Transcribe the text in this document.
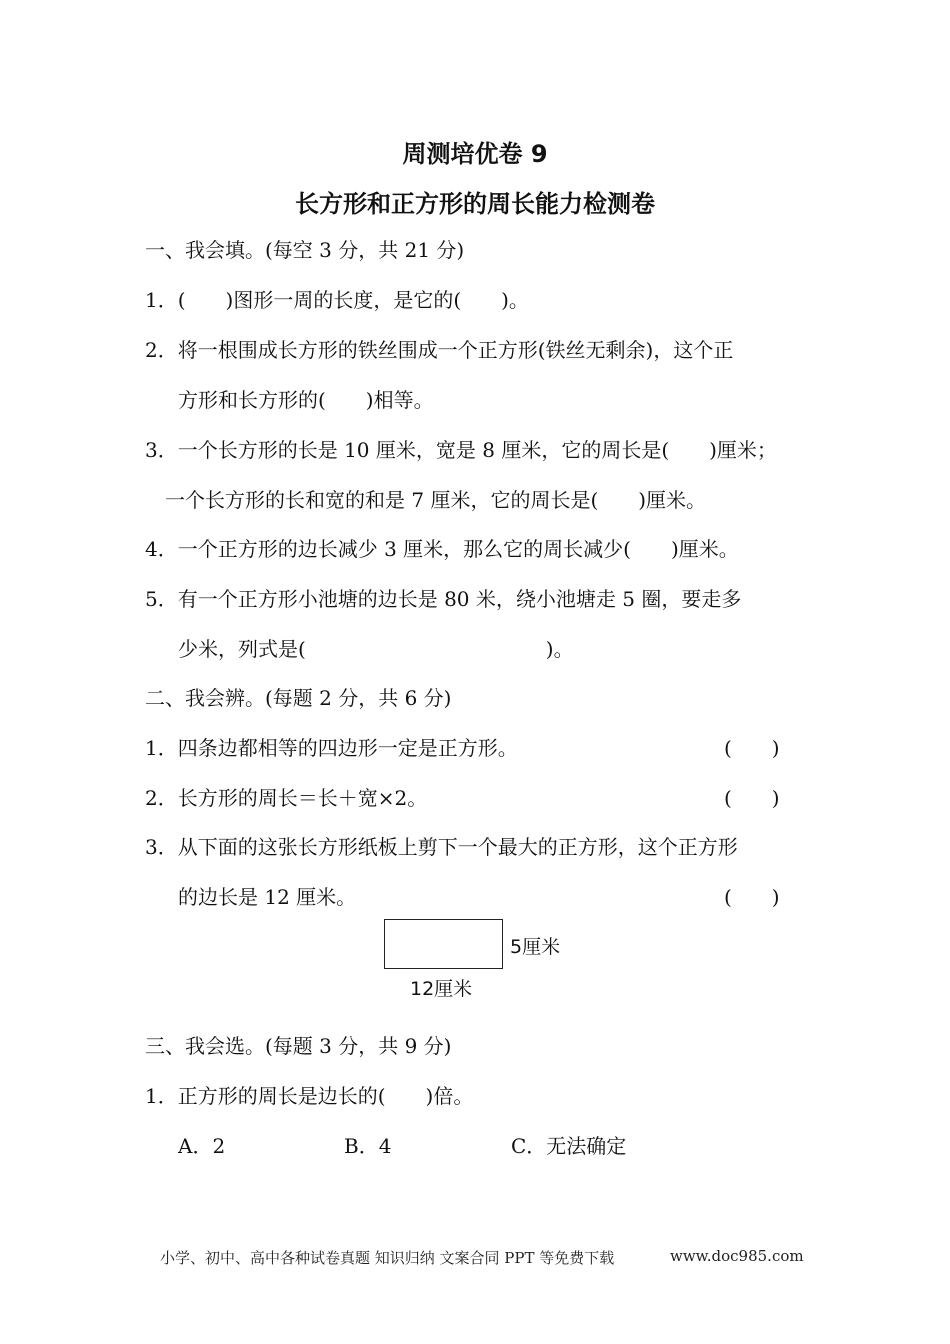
周测培优卷 9
长方形和正方形的周长能力检测卷
一、我会填。(每空 3 分，共 21 分)
1．(　　)图形一周的长度，是它的(　　)。
2．将一根围成长方形的铁丝围成一个正方形(铁丝无剩余)，这个正
方形和长方形的(　　)相等。
3．一个长方形的长是 10 厘米，宽是 8 厘米，它的周长是(　　)厘米；
一个长方形的长和宽的和是 7 厘米，它的周长是(　　)厘米。
4．一个正方形的边长减少 3 厘米，那么它的周长减少(　　)厘米。
5．有一个正方形小池塘的边长是 80 米，绕小池塘走 5 圈，要走多
少米，列式是(　　　　　　　　　　　　)。
二、我会辨。(每题 2 分，共 6 分)
1．四条边都相等的四边形一定是正方形。	(　　)
2．长方形的周长＝长＋宽×2。	(　　)
3．从下面的这张长方形纸板上剪下一个最大的正方形，这个正方形
的边长是 12 厘米。	(　　)
5厘米
12厘米
三、我会选。(每题 3 分，共 9 分)
1．正方形的周长是边长的(　　)倍。
A．2	B．4	C．无法确定
小学、初中、高中各种试卷真题 知识归纳 文案合同 PPT 等免费下载	www.doc985.com
